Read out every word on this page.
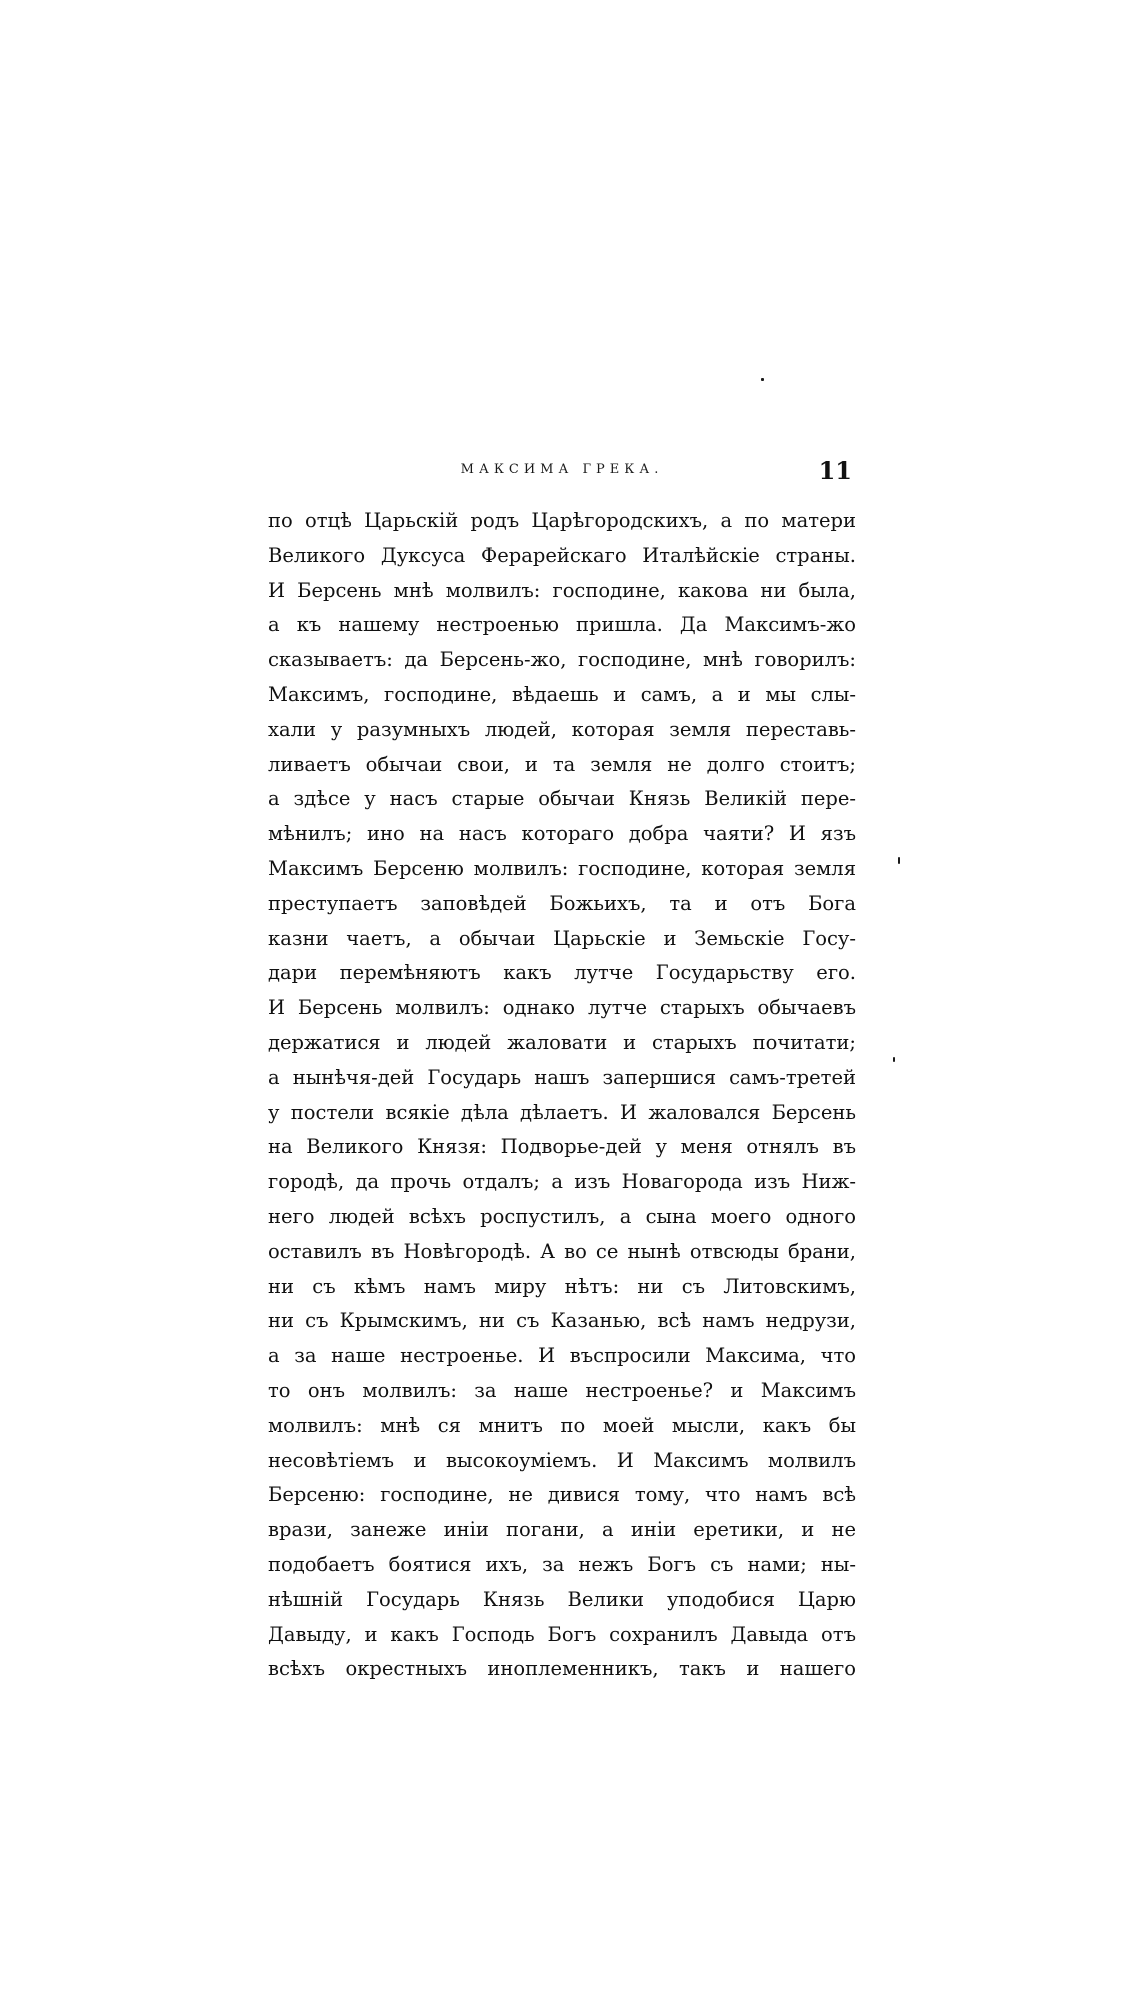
МАКСИМА ГРЕКА.	11
по отцѣ Царьскій родъ Царѣгородскихъ, а по матери
Великого Дуксуса Ферарейскаго Италѣйскіе страны.
И Берсень мнѣ молвилъ: господине, какова ни была,
а къ нашему нестроенью пришла. Да Максимъ-жо
сказываетъ: да Берсень-жо, господине, мнѣ говорилъ:
Максимъ, господине, вѣдаешь и самъ, а и мы слы-
хали у разумныхъ людей, которая земля переставь-
ливаетъ обычаи свои, и та земля не долго стоитъ;
а здѣсе у насъ старые обычаи Князь Великій пере-
мѣнилъ; ино на насъ котораго добра чаяти? И язъ
Максимъ Берсеню молвилъ: господине, которая земля
преступаетъ заповѣдей Божьихъ, та и отъ Бога
казни чаетъ, а обычаи Царьскіе и Земьскіе Госу-
дари перемѣняютъ какъ лутче Государьству его.
И Берсень молвилъ: однако лутче старыхъ обычаевъ
держатися и людей жаловати и старыхъ почитати;
а нынѣчя-дей Государь нашъ запершися самъ-третей
у постели всякіе дѣла дѣлаетъ. И жаловался Берсень
на Великого Князя: Подворье-дей у меня отнялъ въ
городѣ, да прочь отдалъ; а изъ Новагорода изъ Ниж-
него людей всѣхъ роспустилъ, а сына моего одного
оставилъ въ Новѣгородѣ. А во се нынѣ отвсюды брани,
ни съ кѣмъ намъ миру нѣтъ: ни съ Литовскимъ,
ни съ Крымскимъ, ни съ Казанью, всѣ намъ недрузи,
а за наше нестроенье. И въспросили Максима, что
то онъ молвилъ: за наше нестроенье? и Максимъ
молвилъ: мнѣ ся мнитъ по моей мысли, какъ бы
несовѣтіемъ и высокоуміемъ. И Максимъ молвилъ
Берсеню: господине, не дивися тому, что намъ всѣ
врази, занеже иніи погани, а иніи еретики, и не
подобаетъ боятися ихъ, за нежъ Богъ съ нами; ны-
нѣшній Государь Князь Велики уподобися Царю
Давыду, и какъ Господь Богъ сохранилъ Давыда отъ
всѣхъ окрестныхъ иноплеменникъ, такъ и нашего
